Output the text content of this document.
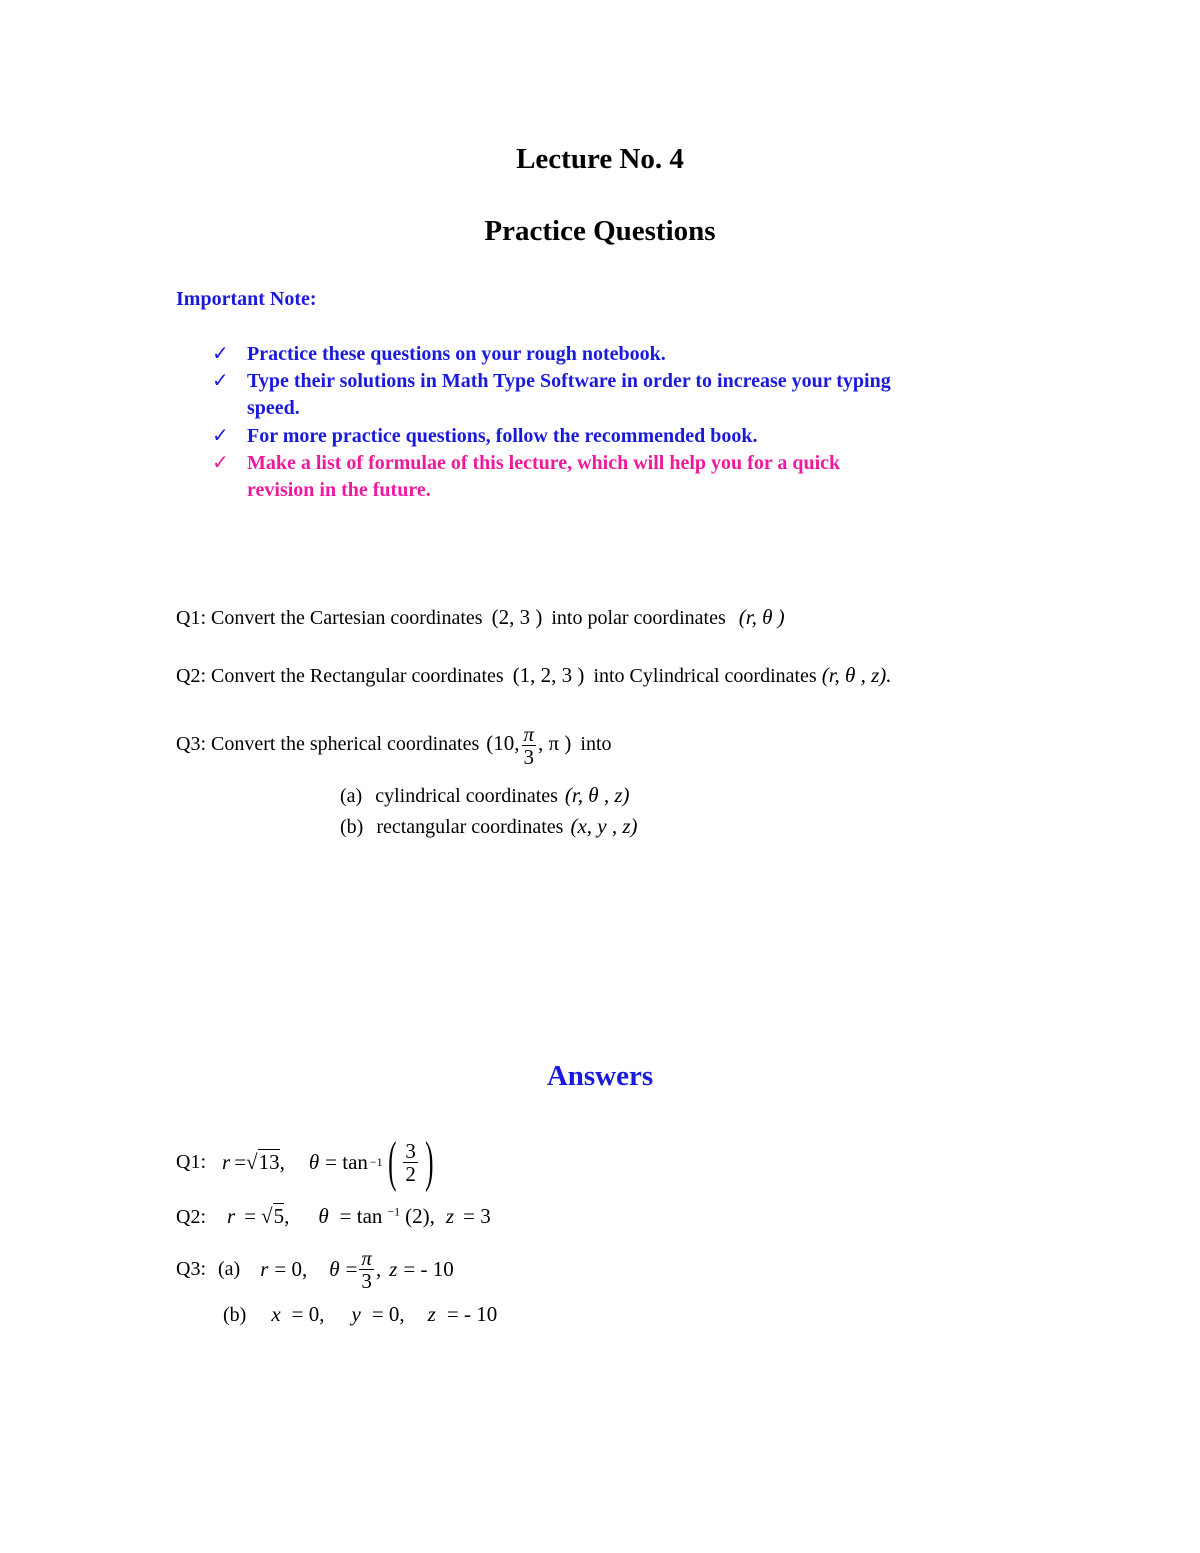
Lecture No. 4
Practice Questions
Important Note:
✓ Practice these questions on your rough notebook.
✓ Type their solutions in Math Type Software in order to increase your typing
speed.
✓ For more practice questions, follow the recommended book.
✓ Make a list of formulae of this lecture, which will help you for a quick
revision in the future.
Q1: Convert the Cartesian coordinates (2, 3 ) into polar coordinates (r, θ )
Q2: Convert the Rectangular coordinates (1, 2, 3 ) into Cylindrical coordinates (r, θ , z).
Q3: Convert the spherical coordinates (10, $\frac{\pi}{3}$ , π ) into
(a) cylindrical coordinates (r, θ , z)
(b) rectangular coordinates (x, y , z)
Answers
Q1: r = √ 13 , θ = tan −1 ( $\frac{3}{2}$ )
Q2: r = √5, θ = tan $^{-1}$ (2), z = 3
Q3: (a) r = 0, $\theta = \frac{\pi}{3}$ , z = - 10
(b) x = 0, y = 0, z = - 10
